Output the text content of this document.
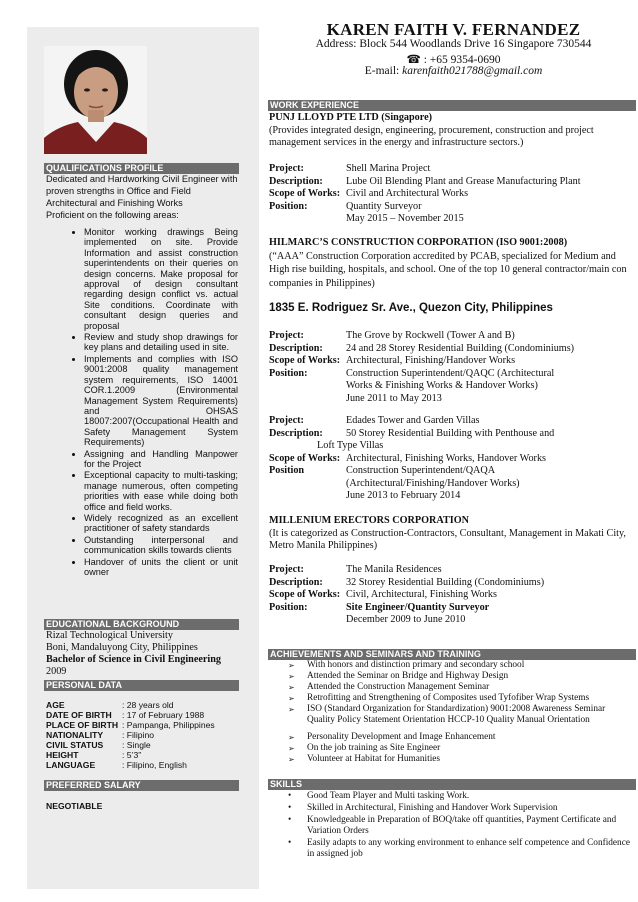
KAREN FAITH V. FERNANDEZ
Address: Block 544 Woodlands Drive 16 Singapore 730544
☎ : +65 9354-0690
E-mail: karenfaith021788@gmail.com
QUALIFICATIONS PROFILE
Dedicated and Hardworking Civil Engineer with proven strengths in Office and Field Architectural and Finishing Works
Proficient on the following areas:
• Monitor working drawings Being implemented on site. Provide Information and assist construction superintendents on their queries on design concerns. Make proposal for approval of design consultant regarding design conflict vs. actual Site conditions. Coordinate with consultant design queries and proposal
• Review and study shop drawings for key plans and detailing used in site.
• Implements and complies with ISO 9001:2008 quality management system requirements, ISO 14001 COR.1.2009 (Environmental Management System Requirements) and OHSAS 18007:2007(Occupational Health and Safety Management System Requirements)
• Assigning and Handling Manpower for the Project
• Exceptional capacity to multi-tasking; manage numerous, often competing priorities with ease while doing both office and field works.
• Widely recognized as an excellent practitioner of safety standards
• Outstanding interpersonal and communication skills towards clients
• Handover of units the client or unit owner
EDUCATIONAL BACKGROUND
Rizal Technological University
Boni, Mandaluyong City, Philippines
Bachelor of Science in Civil Engineering
2009
PERSONAL DATA
AGE	: 28 years old
DATE OF BIRTH : 17 of February 1988
PLACE OF BIRTH : Pampanga, Philippines
NATIONALITY : Filipino
CIVIL STATUS : Single
HEIGHT	: 5’3”
LANGUAGE	: Filipino, English
PREFERRED SALARY
NEGOTIABLE
WORK EXPERIENCE
PUNJ LLOYD PTE LTD (Singapore)
(Provides integrated design, engineering, procurement, construction and project management services in the energy and infrastructure sectors.)
Project:	Shell Marina Project
Description:	Lube Oil Blending Plant and Grease Manufacturing Plant
Scope of Works: Civil and Architectural Works
Position:	Quantity Surveyor
May 2015 – November 2015
HILMARC’S CONSTRUCTION CORPORATION (ISO 9001:2008)
(“AAA” Construction Corporation accredited by PCAB, specialized for Medium and High rise building, hospitals, and school. One of the top 10 general contractor/main con companies in Philippines)
1835 E. Rodriguez Sr. Ave., Quezon City, Philippines
Project:	The Grove by Rockwell (Tower A and B)
Description:	24 and 28 Storey Residential Building (Condominiums)
Scope of Works: Architectural, Finishing/Handover Works
Position:	Construction Superintendent/QAQC (Architectural
Works & Finishing Works & Handover Works)
June 2011 to May 2013
Project:	Edades Tower and Garden Villas
Description:	50 Storey Residential Building with Penthouse and
Loft Type Villas
Scope of Works: Architectural, Finishing Works, Handover Works
Position	Construction Superintendent/QAQA
(Architectural/Finishing/Handover Works)
June 2013 to February 2014
MILLENIUM ERECTORS CORPORATION
(It is categorized as Construction-Contractors, Consultant, Management in Makati City, Metro Manila Philippines)
Project:	The Manila Residences
Description:	32 Storey Residential Building (Condominiums)
Scope of Works: Civil, Architectural, Finishing Works
Position:	Site Engineer/Quantity Surveyor
December 2009 to June 2010
ACHIEVEMENTS AND SEMINARS AND TRAINING
➢	With honors and distinction primary and secondary school
➢	Attended the Seminar on Bridge and Highway Design
➢	Attended the Construction Management Seminar
➢	Retrofitting and Strengthening of Composites used Tyfofiber Wrap Systems
➢	ISO (Standard Organization for Standardization) 9001:2008 Awareness Seminar Quality Policy Statement Orientation HCCP-10 Quality Manual Orientation
➢	Personality Development and Image Enhancement
➢	On the job training as Site Engineer
➢	Volunteer at Habitat for Humanities
SKILLS
•	Good Team Player and Multi tasking Work.
•	Skilled in Architectural, Finishing and Handover Work Supervision
•	Knowledgeable in Preparation of BOQ/take off quantities, Payment Certificate and Variation Orders
•	Easily adapts to any working environment to enhance self competence and Confidence in assigned job
